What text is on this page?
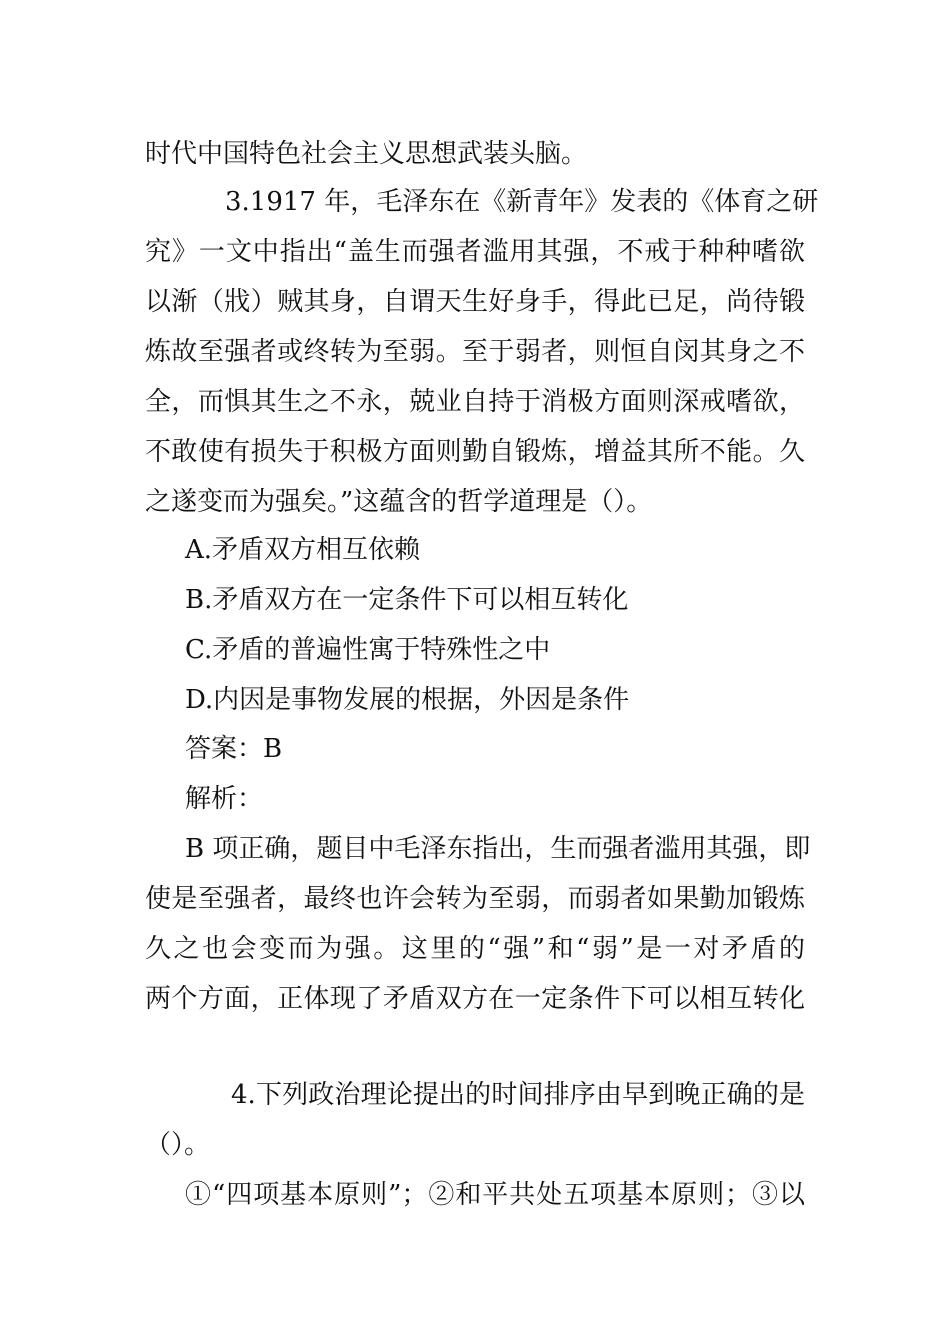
时代中国特色社会主义思想武装头脑。
3.1917 年，毛泽东在《新青年》发表的《体育之研
究》一文中指出“盖生而强者滥用其强，不戒于种种嗜欲
以渐（戕）贼其身，自谓天生好身手，得此已足，尚待锻
炼故至强者或终转为至弱。至于弱者，则恒自闵其身之不
全，而惧其生之不永，兢业自持于消极方面则深戒嗜欲，
不敢使有损失于积极方面则勤自锻炼，增益其所不能。久
之遂变而为强矣。”这蕴含的哲学道理是（）。
A.矛盾双方相互依赖
B.矛盾双方在一定条件下可以相互转化
C.矛盾的普遍性寓于特殊性之中
D.内因是事物发展的根据，外因是条件
答案：B
解析：
B 项正确，题目中毛泽东指出，生而强者滥用其强，即
使是至强者，最终也许会转为至弱，而弱者如果勤加锻炼
久之也会变而为强。这里的“强”和“弱”是一对矛盾的
两个方面，正体现了矛盾双方在一定条件下可以相互转化
4.下列政治理论提出的时间排序由早到晚正确的是
（）。
①“四项基本原则”；②和平共处五项基本原则；③以
